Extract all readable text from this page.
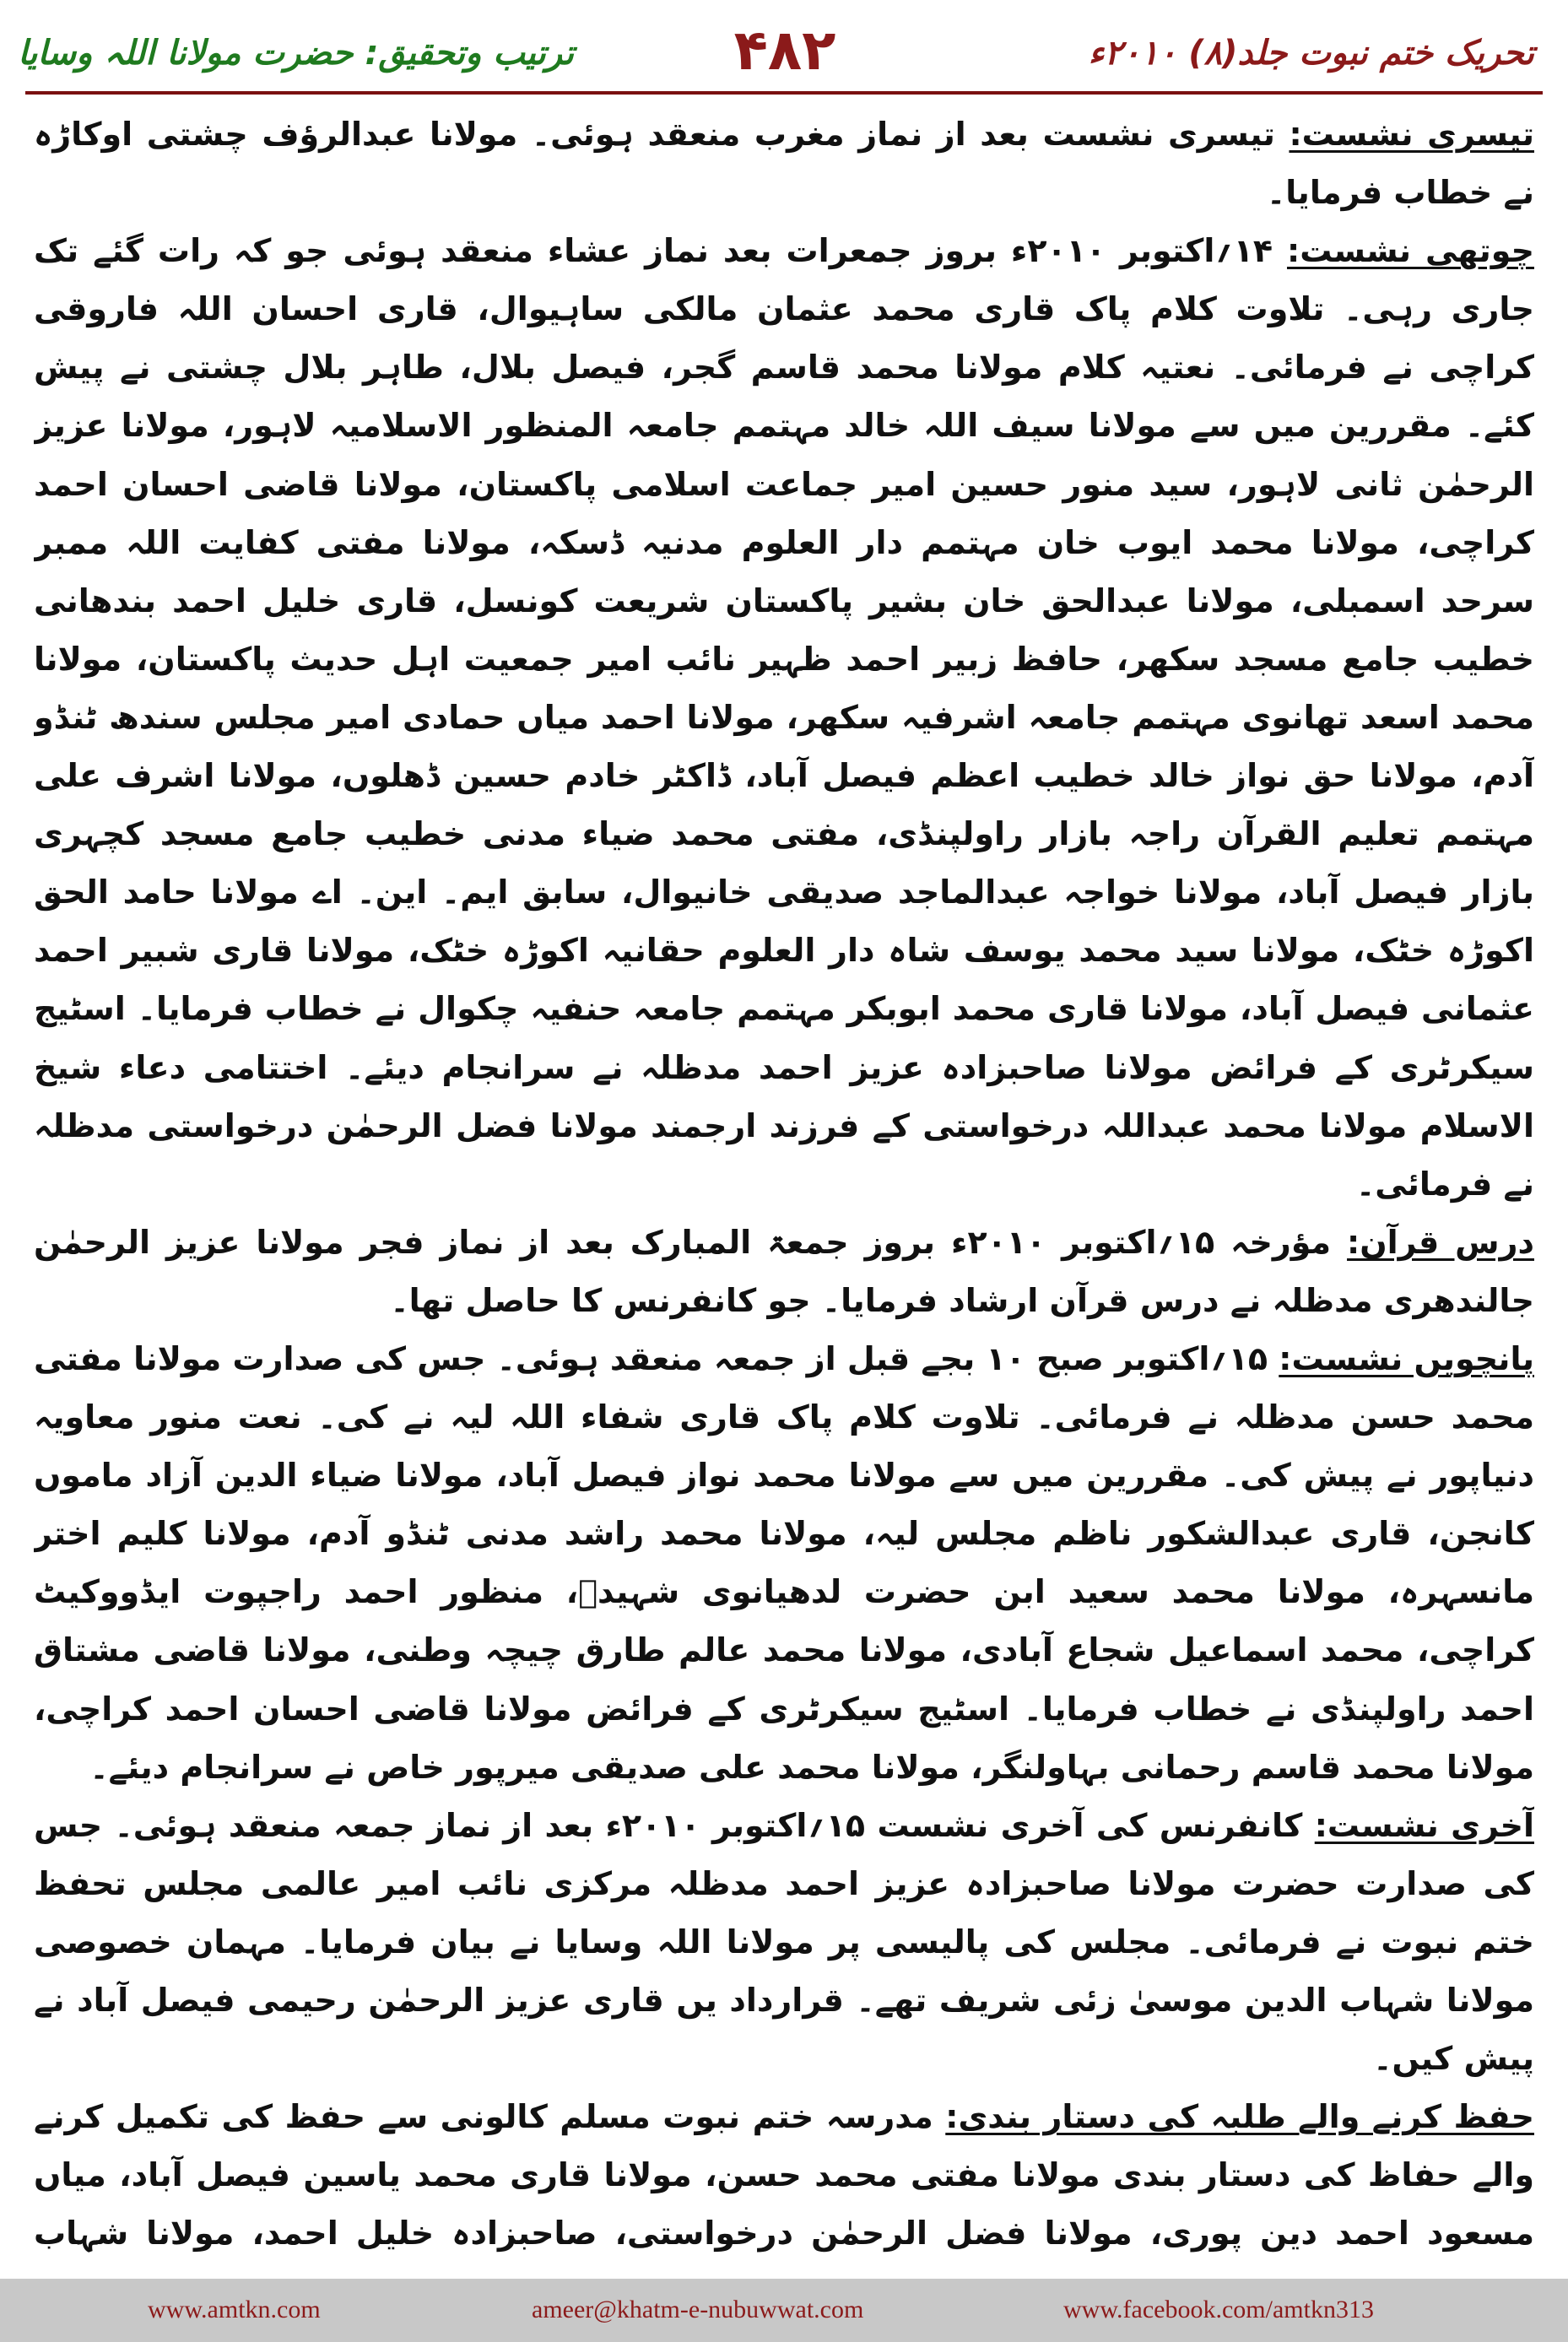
ترتیب وتحقیق: حضرت مولانا اللہ وسایا	۴۸۲	تحریک ختم نبوت جلد(۸) ۲۰۱۰ء

تیسری نشست: تیسری نشست بعد از نماز مغرب منعقد ہوئی۔ مولانا عبدالرؤف چشتی اوکاڑہ نے خطاب فرمایا۔

چوتھی نشست: ۱۴؍اکتوبر ۲۰۱۰ء بروز جمعرات بعد نماز عشاء منعقد ہوئی جو کہ رات گئے تک جاری رہی۔ تلاوت کلام پاک قاری محمد عثمان مالکی ساہیوال، قاری احسان اللہ فاروقی کراچی نے فرمائی۔ نعتیہ کلام مولانا محمد قاسم گجر، فیصل بلال، طاہر بلال چشتی نے پیش کئے۔ مقررین میں سے مولانا سیف اللہ خالد مہتمم جامعہ المنظور الاسلامیہ لاہور، مولانا عزیز الرحمٰن ثانی لاہور، سید منور حسین امیر جماعت اسلامی پاکستان، مولانا قاضی احسان احمد کراچی، مولانا محمد ایوب خان مہتمم دار العلوم مدنیہ ڈسکہ، مولانا مفتی کفایت اللہ ممبر سرحد اسمبلی، مولانا عبدالحق خان بشیر پاکستان شریعت کونسل، قاری خلیل احمد بندھانی خطیب جامع مسجد سکھر، حافظ زبیر احمد ظہیر نائب امیر جمعیت اہل حدیث پاکستان، مولانا محمد اسعد تھانوی مہتمم جامعہ اشرفیہ سکھر، مولانا احمد میاں حمادی امیر مجلس سندھ ٹنڈو آدم، مولانا حق نواز خالد خطیب اعظم فیصل آباد، ڈاکٹر خادم حسین ڈھلوں، مولانا اشرف علی مہتمم تعلیم القرآن راجہ بازار راولپنڈی، مفتی محمد ضیاء مدنی خطیب جامع مسجد کچہری بازار فیصل آباد، مولانا خواجہ عبدالماجد صدیقی خانیوال، سابق ایم۔ این۔ اے مولانا حامد الحق اکوڑہ خٹک، مولانا سید محمد یوسف شاہ دار العلوم حقانیہ اکوڑہ خٹک، مولانا قاری شبیر احمد عثمانی فیصل آباد، مولانا قاری محمد ابوبکر مہتمم جامعہ حنفیہ چکوال نے خطاب فرمایا۔ اسٹیج سیکرٹری کے فرائض مولانا صاحبزادہ عزیز احمد مدظلہ نے سرانجام دیئے۔ اختتامی دعاء شیخ الاسلام مولانا محمد عبداللہ درخواستی کے فرزند ارجمند مولانا فضل الرحمٰن درخواستی مدظلہ نے فرمائی۔

درس قرآن: مؤرخہ ۱۵؍اکتوبر ۲۰۱۰ء بروز جمعۃ المبارک بعد از نماز فجر مولانا عزیز الرحمٰن جالندھری مدظلہ نے درس قرآن ارشاد فرمایا۔ جو کانفرنس کا حاصل تھا۔

پانچویں نشست: ۱۵؍اکتوبر صبح ۱۰ بجے قبل از جمعہ منعقد ہوئی۔ جس کی صدارت مولانا مفتی محمد حسن مدظلہ نے فرمائی۔ تلاوت کلام پاک قاری شفاء اللہ لیہ نے کی۔ نعت منور معاویہ دنیاپور نے پیش کی۔ مقررین میں سے مولانا محمد نواز فیصل آباد، مولانا ضیاء الدین آزاد ماموں کانجن، قاری عبدالشکور ناظم مجلس لیہ، مولانا محمد راشد مدنی ٹنڈو آدم، مولانا کلیم اختر مانسہرہ، مولانا محمد سعید ابن حضرت لدھیانوی شہیدؒ، منظور احمد راجپوت ایڈووکیٹ کراچی، محمد اسماعیل شجاع آبادی، مولانا محمد عالم طارق چیچہ وطنی، مولانا قاضی مشتاق احمد راولپنڈی نے خطاب فرمایا۔ اسٹیج سیکرٹری کے فرائض مولانا قاضی احسان احمد کراچی، مولانا محمد قاسم رحمانی بہاولنگر، مولانا محمد علی صدیقی میرپور خاص نے سرانجام دیئے۔

آخری نشست: کانفرنس کی آخری نشست ۱۵؍اکتوبر ۲۰۱۰ء بعد از نماز جمعہ منعقد ہوئی۔ جس کی صدارت حضرت مولانا صاحبزادہ عزیز احمد مدظلہ مرکزی نائب امیر عالمی مجلس تحفظ ختم نبوت نے فرمائی۔ مجلس کی پالیسی پر مولانا اللہ وسایا نے بیان فرمایا۔ مہمان خصوصی مولانا شہاب الدین موسیٰ زئی شریف تھے۔ قرارداد یں قاری عزیز الرحمٰن رحیمی فیصل آباد نے پیش کیں۔

حفظ کرنے والے طلبہ کی دستار بندی: مدرسہ ختم نبوت مسلم کالونی سے حفظ کی تکمیل کرنے والے حفاظ کی دستار بندی مولانا مفتی محمد حسن، مولانا قاری محمد یاسین فیصل آباد، میاں مسعود احمد دین پوری، مولانا فضل الرحمٰن درخواستی، صاحبزادہ خلیل احمد، مولانا شہاب

www.amtkn.com	ameer@khatm-e-nubuwwat.com	www.facebook.com/amtkn313
